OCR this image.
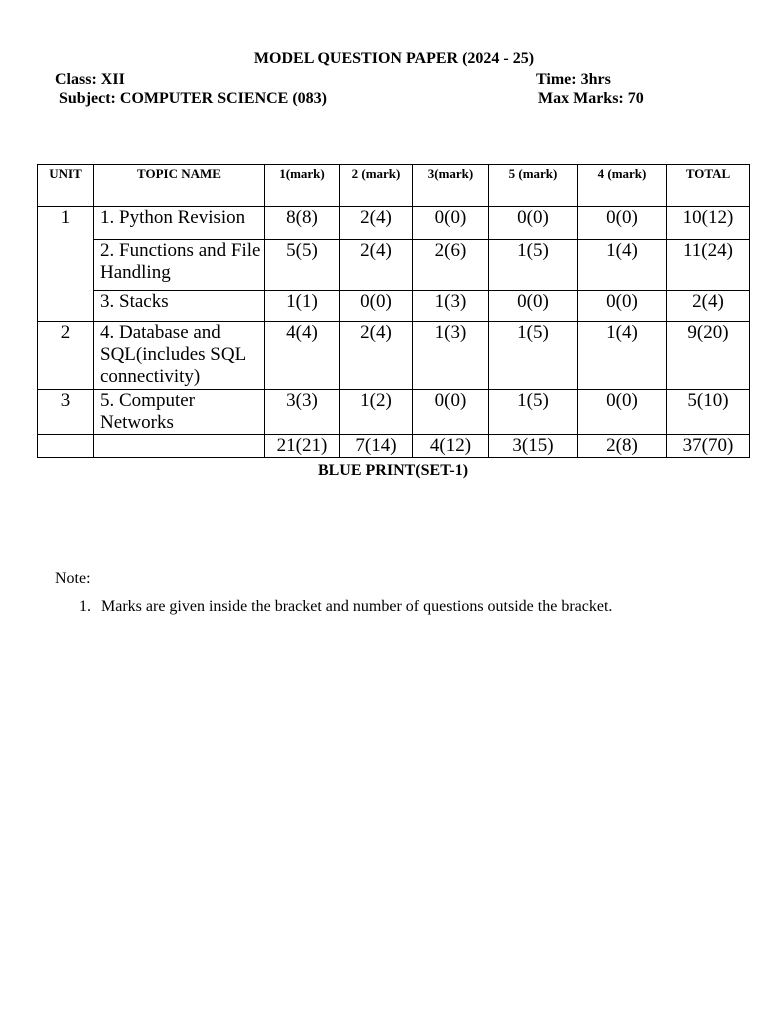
MODEL QUESTION PAPER (2024 - 25)
Class: XII	Time: 3hrs
Subject: COMPUTER SCIENCE (083)	Max Marks: 70
UNIT	TOPIC NAME	1(mark)	2 (mark)	3(mark)	5 (mark)	4 (mark)	TOTAL
1	1. Python Revision	8(8)	2(4)	0(0)	0(0)	0(0)	10(12)
	2. Functions and File Handling	5(5)	2(4)	2(6)	1(5)	1(4)	11(24)
	3. Stacks	1(1)	0(0)	1(3)	0(0)	0(0)	2(4)
2	4. Database and SQL(includes SQL connectivity)	4(4)	2(4)	1(3)	1(5)	1(4)	9(20)
3	5. Computer Networks	3(3)	1(2)	0(0)	1(5)	0(0)	5(10)
		21(21)	7(14)	4(12)	3(15)	2(8)	37(70)
BLUE PRINT(SET-1)
Note:
1. Marks are given inside the bracket and number of questions outside the bracket.
